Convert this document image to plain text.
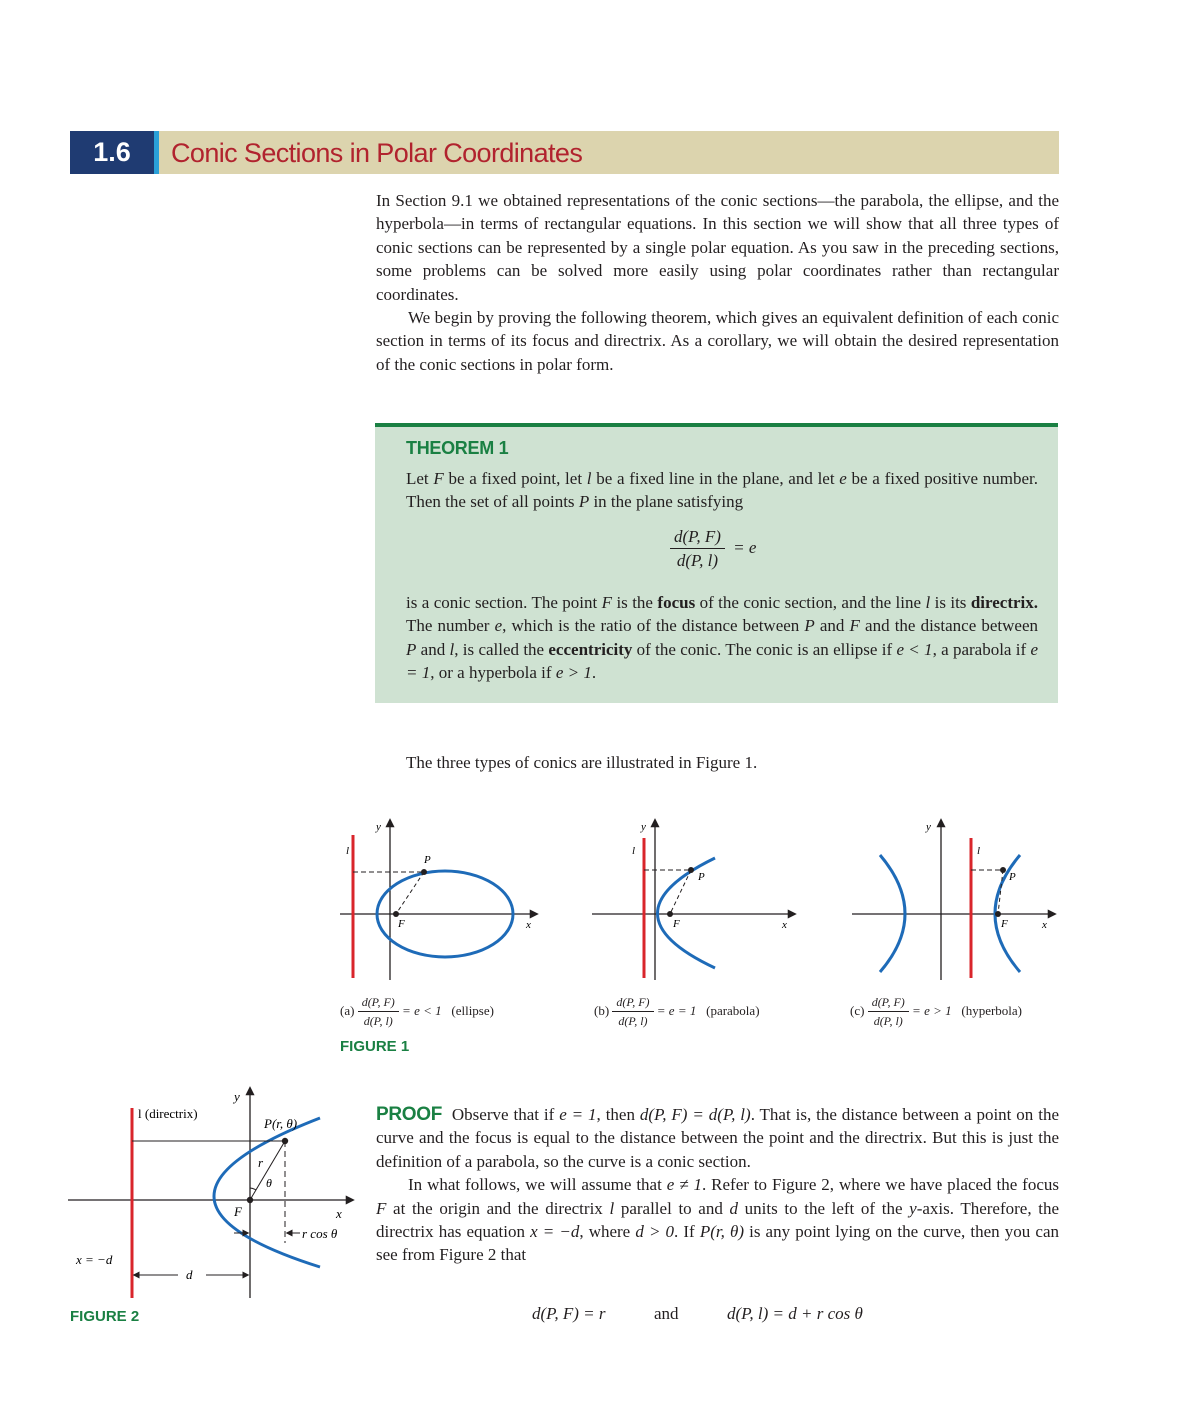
1.6	Conic Sections in Polar Coordinates

In Section 9.1 we obtained representations of the conic sections—the parabola, the ellipse, and the hyperbola—in terms of rectangular equations. In this section we will show that all three types of conic sections can be represented by a single polar equation. As you saw in the preceding sections, some problems can be solved more easily using polar coordinates rather than rectangular coordinates.

We begin by proving the following theorem, which gives an equivalent definition of each conic section in terms of its focus and directrix. As a corollary, we will obtain the desired representation of the conic sections in polar form.

THEOREM 1

Let F be a fixed point, let l be a fixed line in the plane, and let e be a fixed positive number. Then the set of all points P in the plane satisfying

$\frac{d(P, F)}{d(P, l)} = e$

is a conic section. The point F is the focus of the conic section, and the line l is its directrix. The number e, which is the ratio of the distance between P and F and the distance between P and l, is called the eccentricity of the conic. The conic is an ellipse if e < 1, a parabola if e = 1, or a hyperbola if e > 1.

The three types of conics are illustrated in Figure 1.
P
F
l
y
x
P
F
l
y
x
P
F
l
y
x
$(a) \frac{d(P, F)}{d(P, l)} = e < 1$ (ellipse)	$(b) \frac{d(P, F)}{d(P, l)} = e = 1$ (parabola)	$(c) \frac{d(P, F)}{d(P, l)} = e > 1$ (hyperbola)
FIGURE 1
l (directrix)
P(r, θ)
r
θ
F	x
y
r cos θ
d
x = −d
FIGURE 2

PROOF Observe that if e = 1, then d(P, F) = d(P, l). That is, the distance between a point on the curve and the focus is equal to the distance between the point and the directrix. But this is just the definition of a parabola, so the curve is a conic section.

In what follows, we will assume that e ≠ 1. Refer to Figure 2, where we have placed the focus F at the origin and the directrix l parallel to and d units to the left of the y-axis. Therefore, the directrix has equation x = −d, where d > 0. If P(r, θ) is any point lying on the curve, then you can see from Figure 2 that

d(P, F) = r	and	d(P, l) = d + r cos θ
